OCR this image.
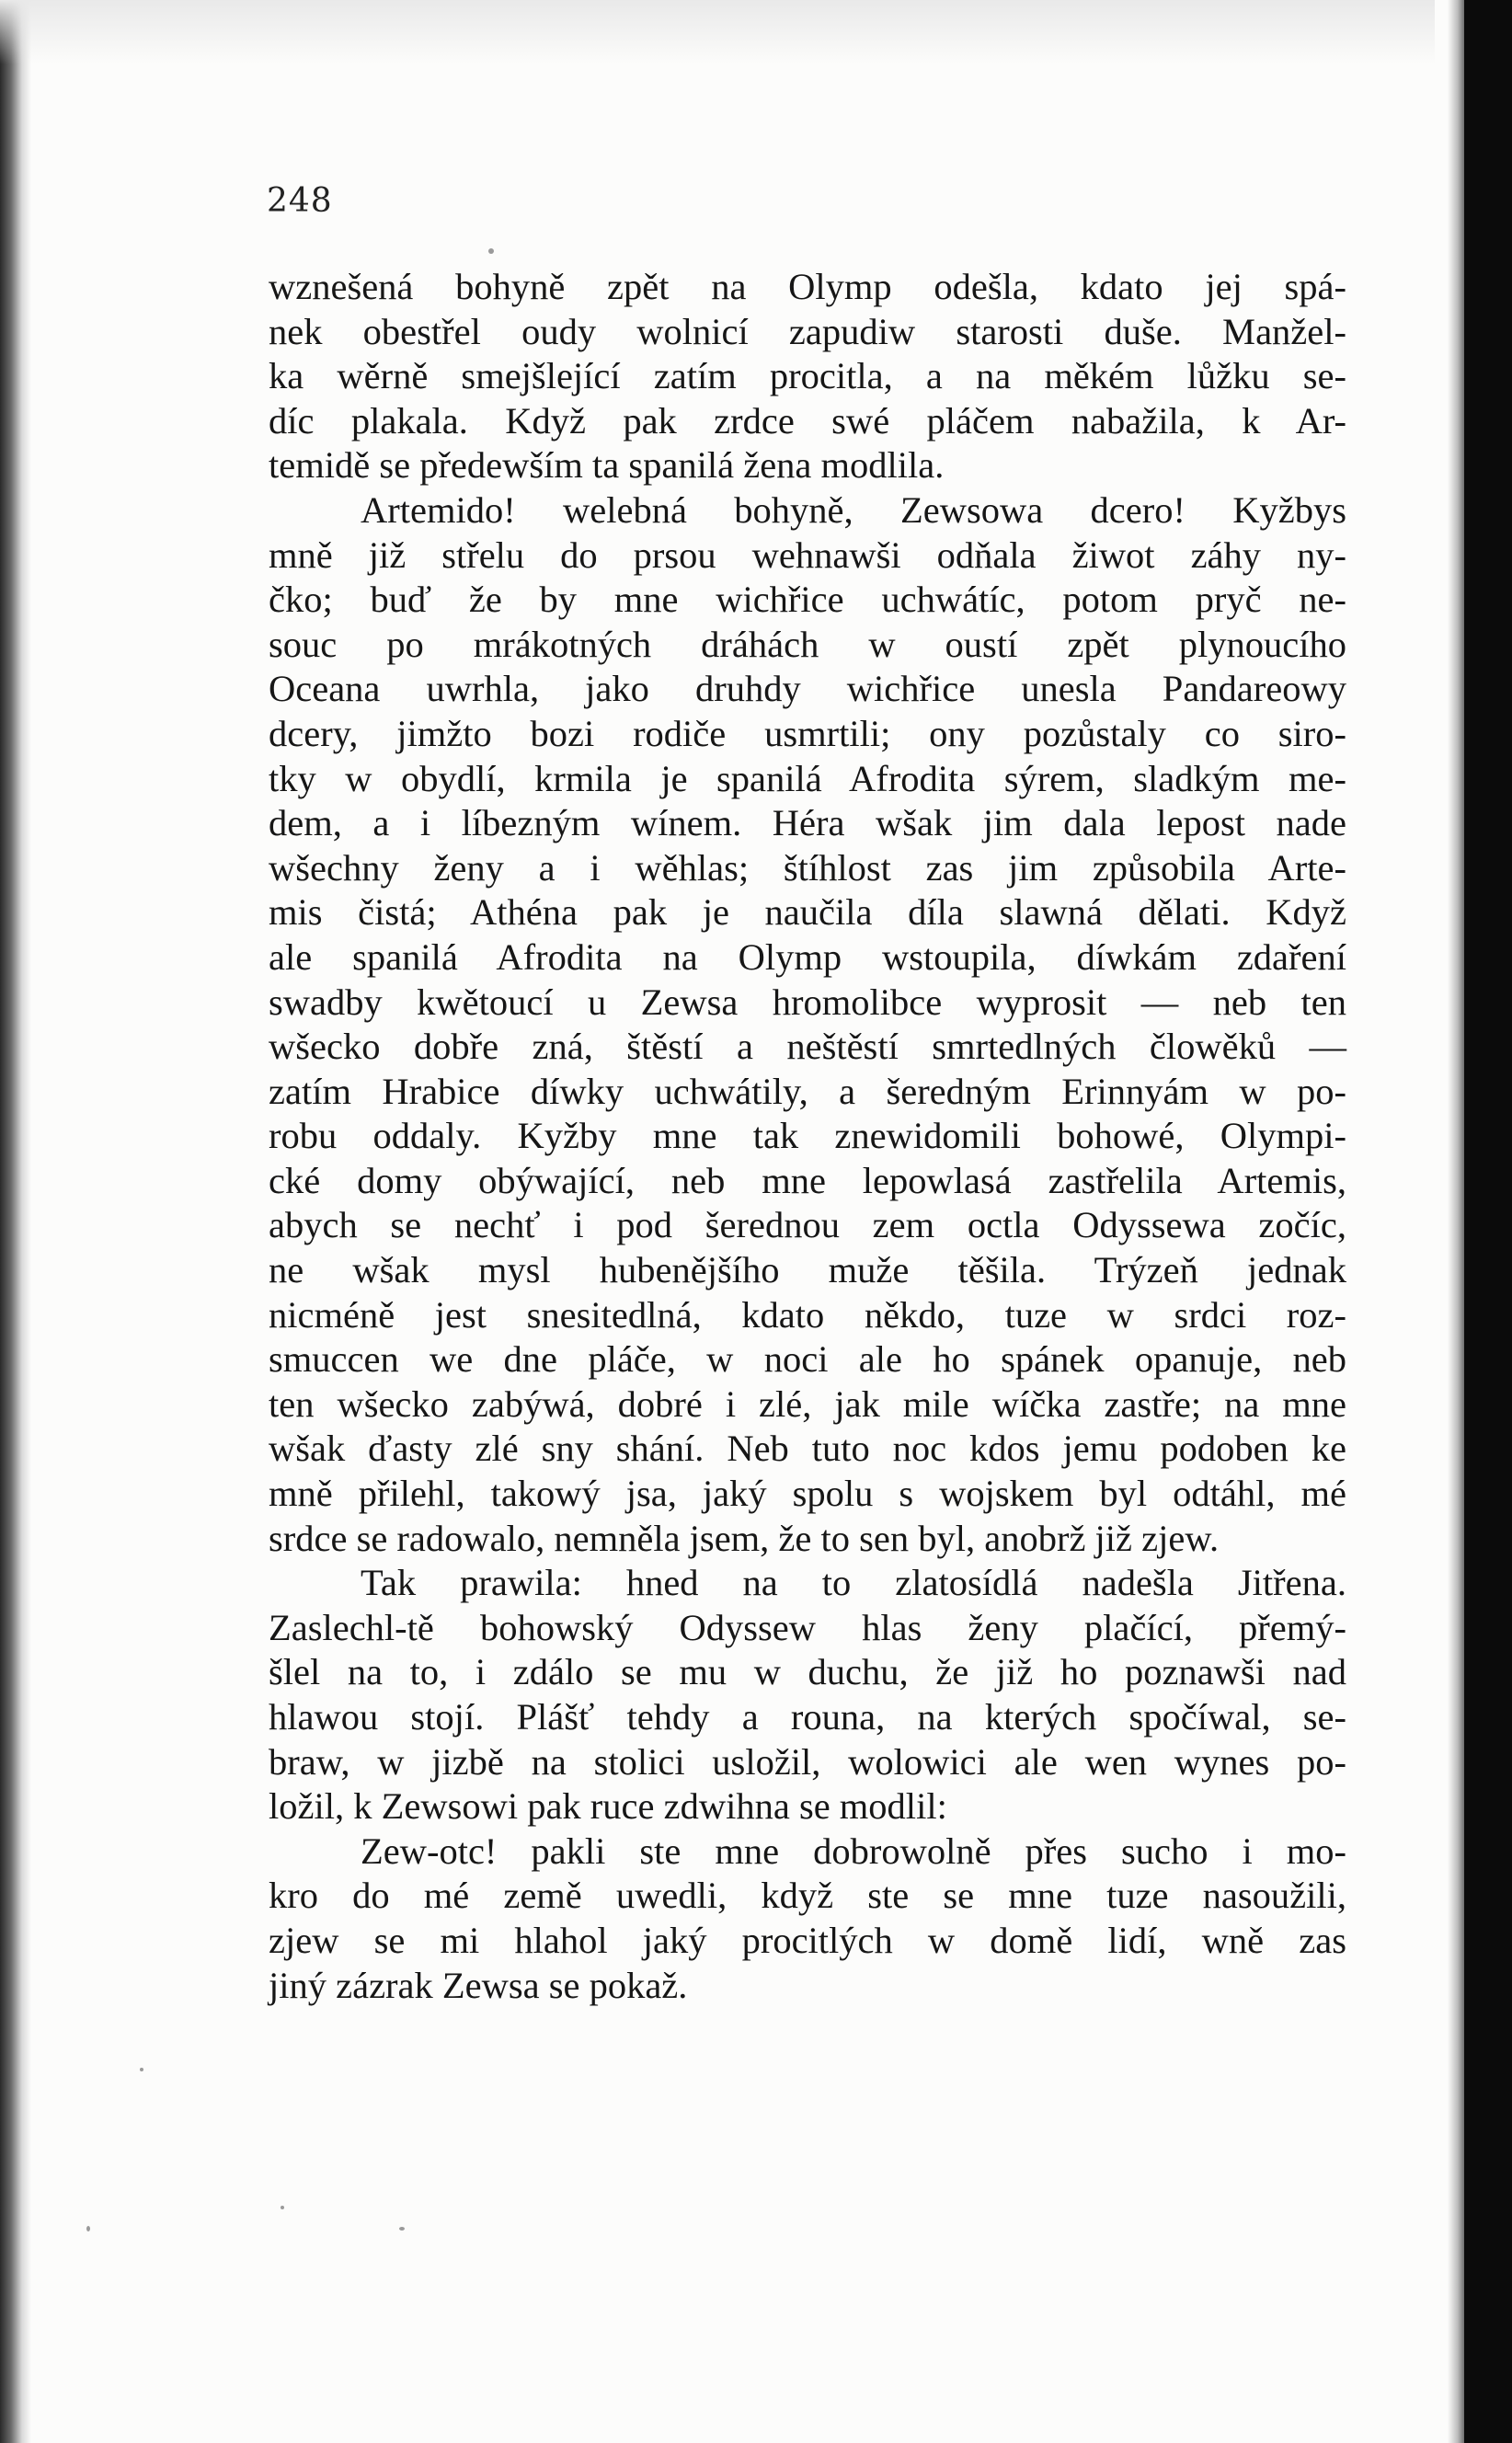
248

wznešená bohyně zpět na Olymp odešla, kdato jej spá-
nek obestřel oudy wolnicí zapudiw starosti duše. Manžel-
ka wěrně smejšlející zatím procitla, a na měkém lůžku se-
díc plakala. Když pak zrdce swé pláčem nabažila, k Ar-
temidě se předewším ta spanilá žena modlila.
Artemido! welebná bohyně, Zewsowa dcero! Kyžbys
mně již střelu do prsou wehnawši odňala žiwot záhy ny-
čko; buď že by mne wichřice uchwátíc, potom pryč ne-
souc po mrákotných dráhách w oustí zpět plynoucího
Oceana uwrhla, jako druhdy wichřice unesla Pandareowy
dcery, jimžto bozi rodiče usmrtili; ony pozůstaly co siro-
tky w obydlí, krmila je spanilá Afrodita sýrem, sladkým me-
dem, a i líbezným wínem. Héra wšak jim dala lepost nade
wšechny ženy a i wěhlas; štíhlost zas jim způsobila Arte-
mis čistá; Athéna pak je naučila díla slawná dělati. Když
ale spanilá Afrodita na Olymp wstoupila, díwkám zdaření
swadby kwětoucí u Zewsa hromolibce wyprosit — neb ten
wšecko dobře zná, štěstí a neštěstí smrtedlných člowěků —
zatím Hrabice díwky uchwátily, a šeredným Erinnyám w po-
robu oddaly. Kyžby mne tak znewidomili bohowé, Olympi-
cké domy obýwající, neb mne lepowlasá zastřelila Artemis,
abych se nechť i pod šerednou zem octla Odyssewa zočíc,
ne wšak mysl hubenějšího muže těšila. Trýzeň jednak
nicméně jest snesitedlná, kdato někdo, tuze w srdci roz-
smuccen we dne pláče, w noci ale ho spánek opanuje, neb
ten wšecko zabýwá, dobré i zlé, jak mile wíčka zastře; na mne
wšak ďasty zlé sny shání. Neb tuto noc kdos jemu podoben ke
mně přilehl, takowý jsa, jaký spolu s wojskem byl odtáhl, mé
srdce se radowalo, nemněla jsem, že to sen byl, anobrž již zjew.
Tak prawila: hned na to zlatosídlá nadešla Jitřena.
Zaslechl-tě bohowský Odyssew hlas ženy plačící, přemý-
šlel na to, i zdálo se mu w duchu, že již ho poznawši nad
hlawou stojí. Plášť tehdy a rouna, na kterých spočíwal, se-
braw, w jizbě na stolici usložil, wolowici ale wen wynes po-
ložil, k Zewsowi pak ruce zdwihna se modlil:
Zew-otc! pakli ste mne dobrowolně přes sucho i mo-
kro do mé země uwedli, když ste se mne tuze nasoužili,
zjew se mi hlahol jaký procitlých w domě lidí, wně zas
jiný zázrak Zewsa se pokaž.
